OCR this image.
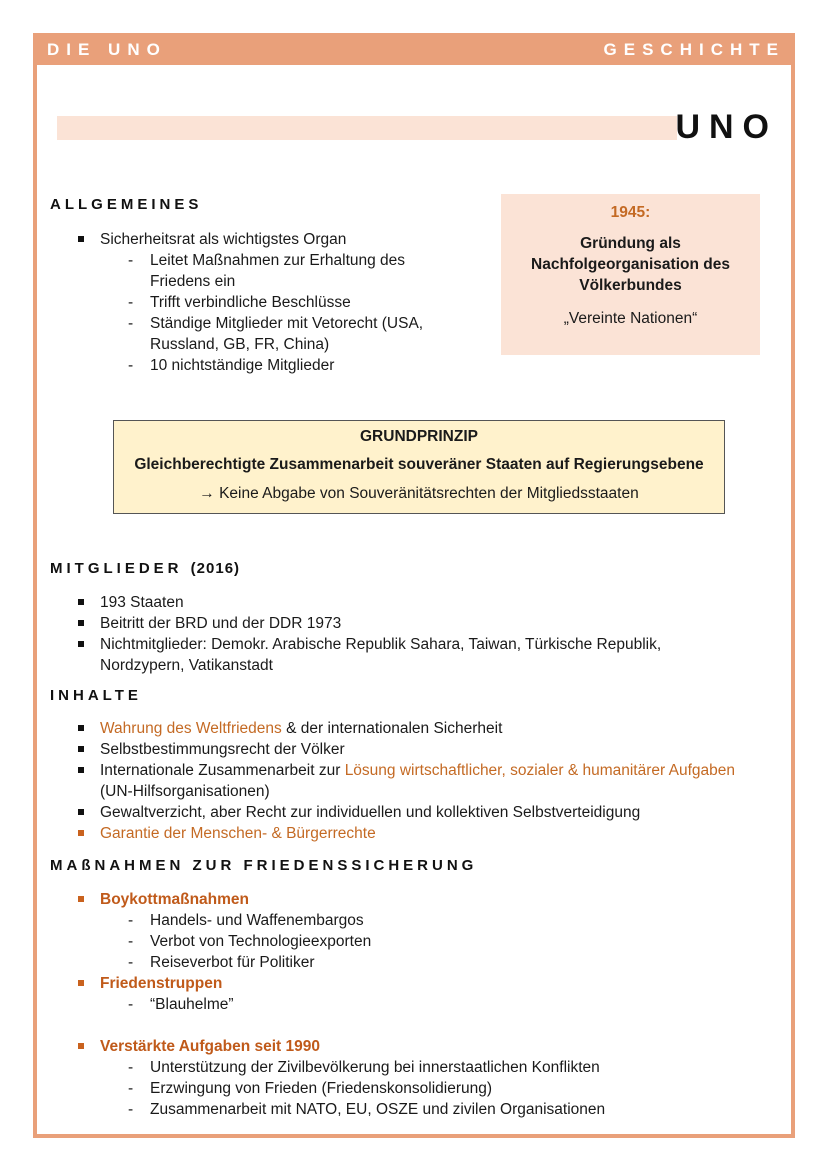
DIE UNO	GESCHICHTE
UNO
ALLGEMEINES
Sicherheitsrat als wichtigstes Organ
- Leitet Maßnahmen zur Erhaltung des Friedens ein
- Trifft verbindliche Beschlüsse
- Ständige Mitglieder mit Vetorecht (USA, Russland, GB, FR, China)
- 10 nichtständige Mitglieder
1945:
Gründung als Nachfolgeorganisation des Völkerbundes
„Vereinte Nationen“
GRUNDPRINZIP
Gleichberechtigte Zusammenarbeit souveräner Staaten auf Regierungsebene
→ Keine Abgabe von Souveränitätsrechten der Mitgliedsstaaten
MITGLIEDER (2016)
193 Staaten
Beitritt der BRD und der DDR 1973
Nichtmitglieder: Demokr. Arabische Republik Sahara, Taiwan, Türkische Republik, Nordzypern, Vatikanstadt
INHALTE
Wahrung des Weltfriedens & der internationalen Sicherheit
Selbstbestimmungsrecht der Völker
Internationale Zusammenarbeit zur Lösung wirtschaftlicher, sozialer & humanitärer Aufgaben (UN-Hilfsorganisationen)
Gewaltverzicht, aber Recht zur individuellen und kollektiven Selbstverteidigung
Garantie der Menschen- & Bürgerrechte
MAßNAHMEN ZUR FRIEDENSSICHERUNG
Boykottmaßnahmen
- Handels- und Waffenembargos
- Verbot von Technologieexporten
- Reiseverbot für Politiker
Friedenstruppen
- “Blauhelme”
Verstärkte Aufgaben seit 1990
- Unterstützung der Zivilbevölkerung bei innerstaatlichen Konflikten
- Erzwingung von Frieden (Friedenskonsolidierung)
- Zusammenarbeit mit NATO, EU, OSZE und zivilen Organisationen
